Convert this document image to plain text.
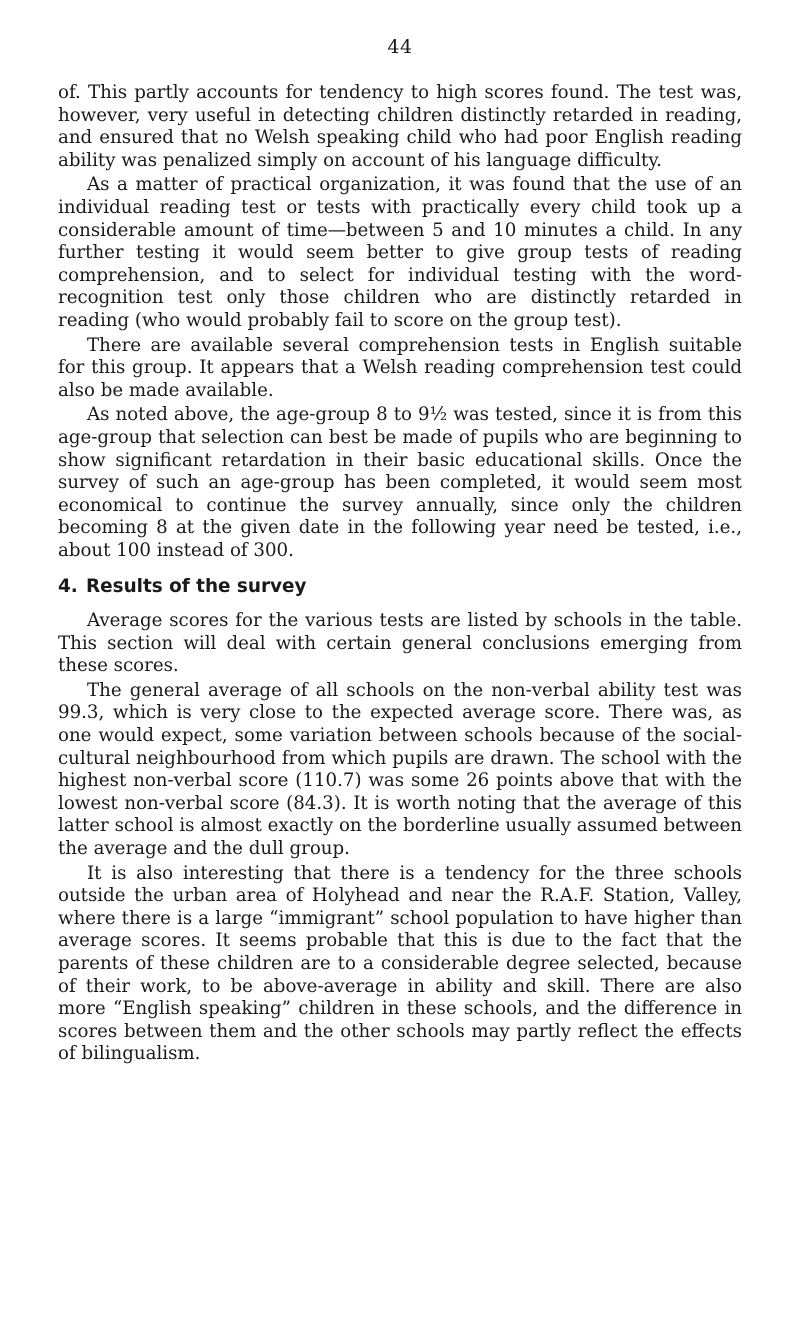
44

of. This partly accounts for tendency to high scores found. The test was, however, very useful in detecting children distinctly retarded in reading, and ensured that no Welsh speaking child who had poor English reading ability was penalized simply on account of his language difficulty.

As a matter of practical organization, it was found that the use of an individual reading test or tests with practically every child took up a considerable amount of time—between 5 and 10 minutes a child. In any further testing it would seem better to give group tests of reading comprehension, and to select for individual testing with the word-recognition test only those children who are distinctly retarded in reading (who would probably fail to score on the group test).

There are available several comprehension tests in English suitable for this group. It appears that a Welsh reading comprehension test could also be made available.

As noted above, the age-group 8 to 9½ was tested, since it is from this age-group that selection can best be made of pupils who are beginning to show significant retardation in their basic educational skills. Once the survey of such an age-group has been completed, it would seem most economical to continue the survey annually, since only the children becoming 8 at the given date in the following year need be tested, i.e., about 100 instead of 300.

4. Results of the survey

Average scores for the various tests are listed by schools in the table. This section will deal with certain general conclusions emerging from these scores.

The general average of all schools on the non-verbal ability test was 99.3, which is very close to the expected average score. There was, as one would expect, some variation between schools because of the social-cultural neighbourhood from which pupils are drawn. The school with the highest non-verbal score (110.7) was some 26 points above that with the lowest non-verbal score (84.3). It is worth noting that the average of this latter school is almost exactly on the borderline usually assumed between the average and the dull group.

It is also interesting that there is a tendency for the three schools outside the urban area of Holyhead and near the R.A.F. Station, Valley, where there is a large “immigrant” school population to have higher than average scores. It seems probable that this is due to the fact that the parents of these children are to a considerable degree selected, because of their work, to be above-average in ability and skill. There are also more “English speaking” children in these schools, and the difference in scores between them and the other schools may partly reflect the effects of bilingualism.
